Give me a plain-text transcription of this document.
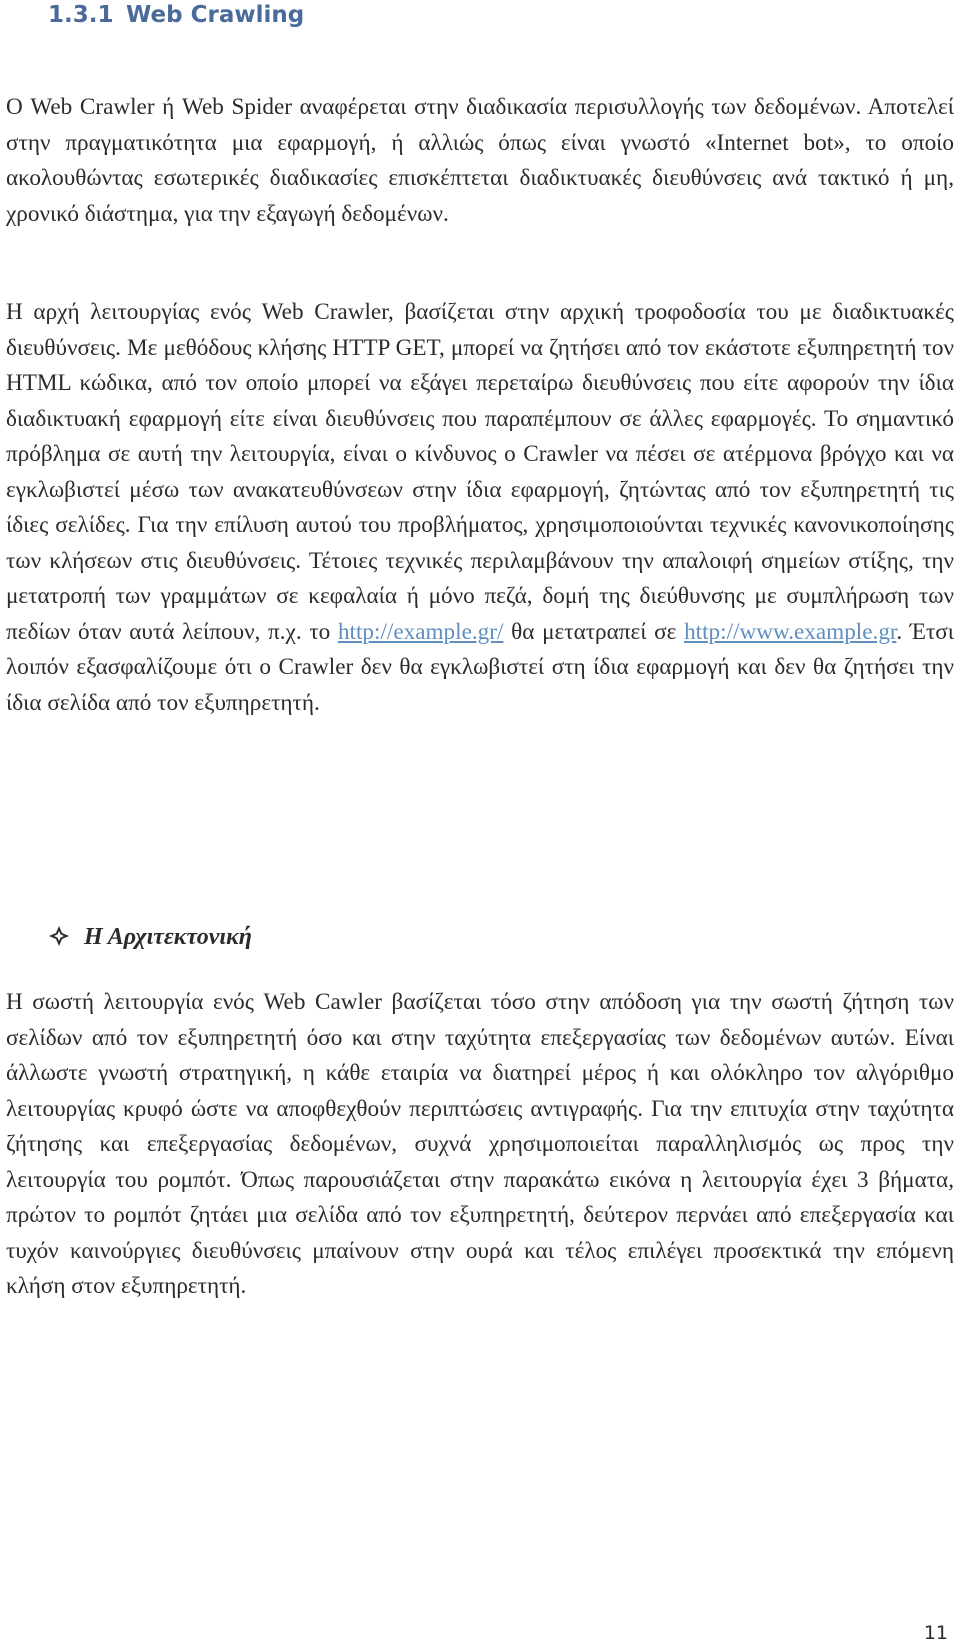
1.3.1 Web Crawling

Ο Web Crawler ή Web Spider αναφέρεται στην διαδικασία περισυλλογής των δεδομένων. Αποτελεί στην πραγματικότητα μια εφαρμογή, ή αλλιώς όπως είναι γνωστό «Internet bot», το οποίο ακολουθώντας εσωτερικές διαδικασίες επισκέπτεται διαδικτυακές διευθύνσεις ανά τακτικό ή μη, χρονικό διάστημα, για την εξαγωγή δεδομένων.

Η αρχή λειτουργίας ενός Web Crawler, βασίζεται στην αρχική τροφοδοσία του με διαδικτυακές διευθύνσεις. Με μεθόδους κλήσης HTTP GET, μπορεί να ζητήσει από τον εκάστοτε εξυπηρετητή τον HTML κώδικα, από τον οποίο μπορεί να εξάγει περεταίρω διευθύνσεις που είτε αφορούν την ίδια διαδικτυακή εφαρμογή είτε είναι διευθύνσεις που παραπέμπουν σε άλλες εφαρμογές. Το σημαντικό πρόβλημα σε αυτή την λειτουργία, είναι ο κίνδυνος ο Crawler να πέσει σε ατέρμονα βρόγχο και να εγκλωβιστεί μέσω των ανακατευθύνσεων στην ίδια εφαρμογή, ζητώντας από τον εξυπηρετητή τις ίδιες σελίδες. Για την επίλυση αυτού του προβλήματος, χρησιμοποιούνται τεχνικές κανονικοποίησης των κλήσεων στις διευθύνσεις. Τέτοιες τεχνικές περιλαμβάνουν την απαλοιφή σημείων στίξης, την μετατροπή των γραμμάτων σε κεφαλαία ή μόνο πεζά, δομή της διεύθυνσης με συμπλήρωση των πεδίων όταν αυτά λείπουν, π.χ. το http://example.gr/ θα μετατραπεί σε http://www.example.gr. Έτσι λοιπόν εξασφαλίζουμε ότι ο Crawler δεν θα εγκλωβιστεί στη ίδια εφαρμογή και δεν θα ζητήσει την ίδια σελίδα από τον εξυπηρετητή.

Η Αρχιτεκτονική

Η σωστή λειτουργία ενός Web Cawler βασίζεται τόσο στην απόδοση για την σωστή ζήτηση των σελίδων από τον εξυπηρετητή όσο και στην ταχύτητα επεξεργασίας των δεδομένων αυτών. Είναι άλλωστε γνωστή στρατηγική, η κάθε εταιρία να διατηρεί μέρος ή και ολόκληρο τον αλγόριθμο λειτουργίας κρυφό ώστε να αποφθεχθούν περιπτώσεις αντιγραφής. Για την επιτυχία στην ταχύτητα ζήτησης και επεξεργασίας δεδομένων, συχνά χρησιμοποιείται παραλληλισμός ως προς την λειτουργία του ρομπότ. Όπως παρουσιάζεται στην παρακάτω εικόνα η λειτουργία έχει 3 βήματα, πρώτον το ρομπότ ζητάει μια σελίδα από τον εξυπηρετητή, δεύτερον περνάει από επεξεργασία και τυχόν καινούργιες διευθύνσεις μπαίνουν στην ουρά και τέλος επιλέγει προσεκτικά την επόμενη κλήση στον εξυπηρετητή.

11
